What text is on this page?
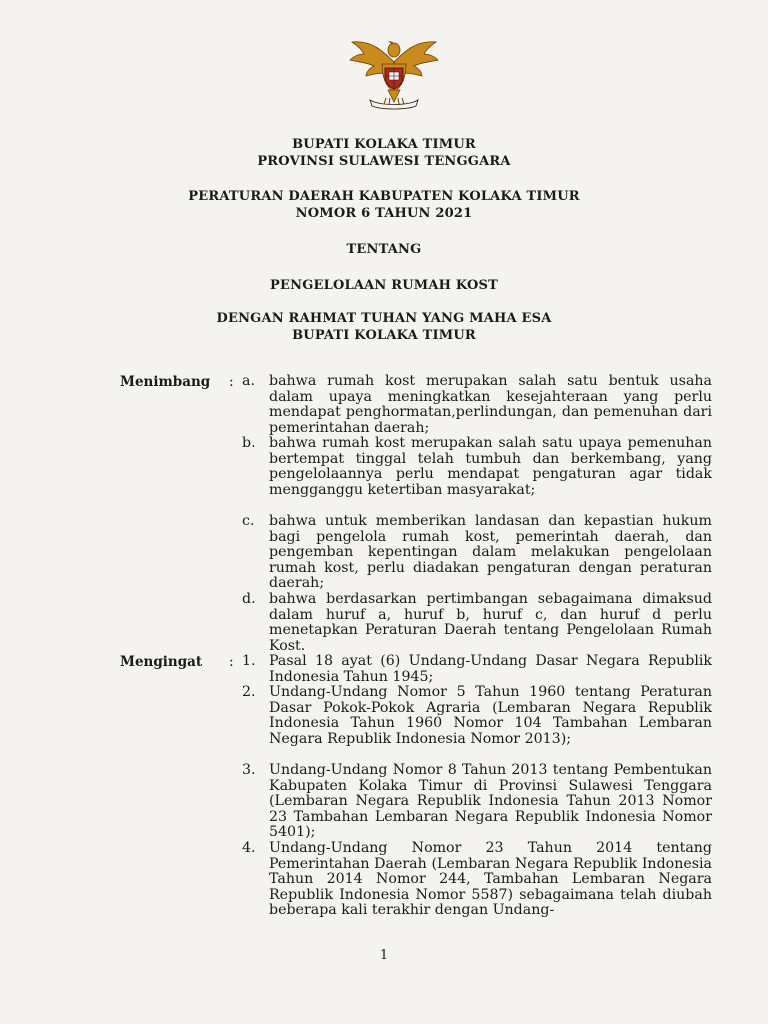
BUPATI KOLAKA TIMUR
PROVINSI SULAWESI TENGGARA
PERATURAN DAERAH KABUPATEN KOLAKA TIMUR
NOMOR 6 TAHUN 2021
TENTANG
PENGELOLAAN RUMAH KOST
DENGAN RAHMAT TUHAN YANG MAHA ESA
BUPATI KOLAKA TIMUR
Menimbang : a. bahwa rumah kost merupakan salah satu bentuk usaha dalam upaya meningkatkan kesejahteraan yang perlu mendapat penghormatan,perlindungan, dan pemenuhan dari pemerintahan daerah;
b. bahwa rumah kost merupakan salah satu upaya pemenuhan bertempat tinggal telah tumbuh dan berkembang, yang pengelolaannya perlu mendapat pengaturan agar tidak mengganggu ketertiban masyarakat;
c.	bahwa untuk memberikan landasan dan kepastian hukum bagi pengelola rumah kost, pemerintah daerah, dan pengemban kepentingan dalam melakukan pengelolaan rumah kost, perlu diadakan pengaturan dengan peraturan daerah;
d. bahwa berdasarkan pertimbangan sebagaimana dimaksud dalam huruf a, huruf b, huruf c, dan huruf d perlu menetapkan Peraturan Daerah tentang Pengelolaan Rumah Kost.
Mengingat : 1. Pasal 18 ayat (6) Undang-Undang Dasar Negara Republik Indonesia Tahun 1945;
2. Undang-Undang Nomor 5 Tahun 1960 tentang Peraturan Dasar Pokok-Pokok Agraria (Lembaran Negara Republik Indonesia Tahun 1960 Nomor 104 Tambahan Lembaran Negara Republik Indonesia Nomor 2013);
3. Undang-Undang Nomor 8 Tahun 2013 tentang Pembentukan Kabupaten Kolaka Timur di Provinsi Sulawesi Tenggara (Lembaran Negara Republik Indonesia Tahun 2013 Nomor 23 Tambahan Lembaran Negara Republik Indonesia Nomor 5401);
4. Undang-Undang Nomor 23 Tahun 2014 tentang Pemerintahan Daerah (Lembaran Negara Republik Indonesia Tahun 2014 Nomor 244, Tambahan Lembaran Negara Republik Indonesia Nomor 5587) sebagaimana telah diubah beberapa kali terakhir dengan Undang-
1
